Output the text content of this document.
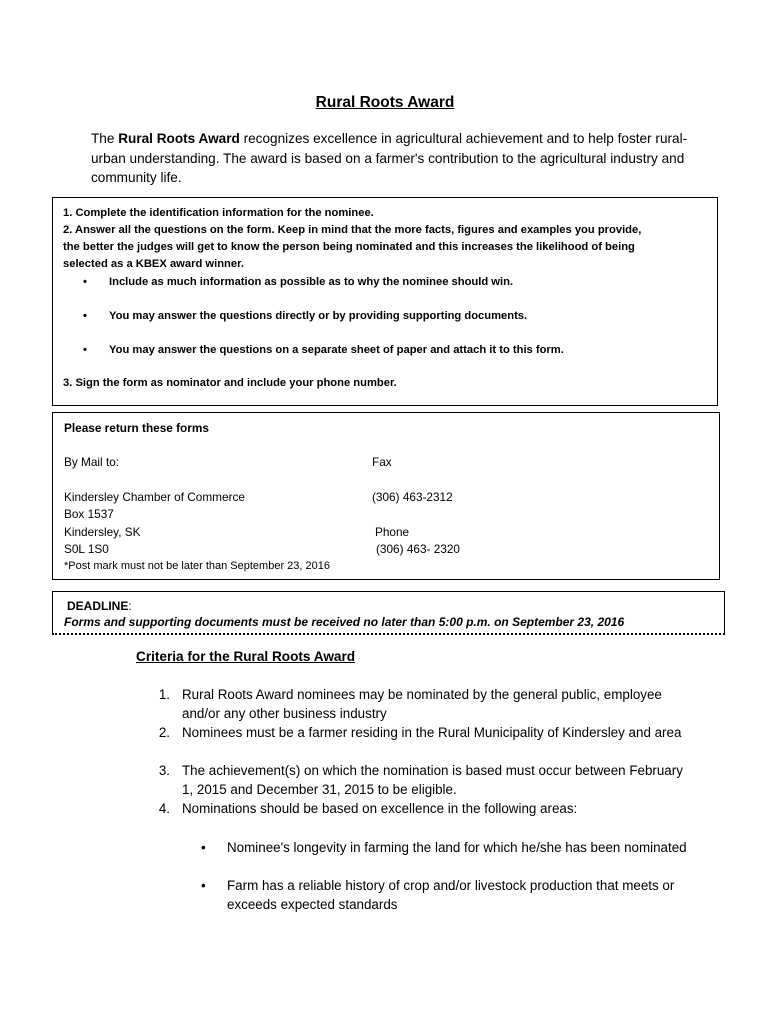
Rural Roots Award
The Rural Roots Award recognizes excellence in agricultural achievement and to help foster rural-urban understanding. The award is based on a farmer's contribution to the agricultural industry and community life.
1. Complete the identification information for the nominee.
2. Answer all the questions on the form. Keep in mind that the more facts, figures and examples you provide,
the better the judges will get to know the person being nominated and this increases the likelihood of being
selected as a KBEX award winner.
• Include as much information as possible as to why the nominee should win.
• You may answer the questions directly or by providing supporting documents.
• You may answer the questions on a separate sheet of paper and attach it to this form.
3. Sign the form as nominator and include your phone number.
Please return these forms
By Mail to:	Fax
Kindersley Chamber of Commerce	(306) 463-2312
Box 1537
Kindersley, SK	Phone
S0L 1S0	(306) 463- 2320
*Post mark must not be later than September 23, 2016
DEADLINE:
Forms and supporting documents must be received no later than 5:00 p.m. on September 23, 2016
Criteria for the Rural Roots Award
1. Rural Roots Award nominees may be nominated by the general public, employee and/or any other business industry
2. Nominees must be a farmer residing in the Rural Municipality of Kindersley and area
3. The achievement(s) on which the nomination is based must occur between February 1, 2015 and December 31, 2015 to be eligible.
4. Nominations should be based on excellence in the following areas:
• Nominee's longevity in farming the land for which he/she has been nominated
• Farm has a reliable history of crop and/or livestock production that meets or exceeds expected standards
